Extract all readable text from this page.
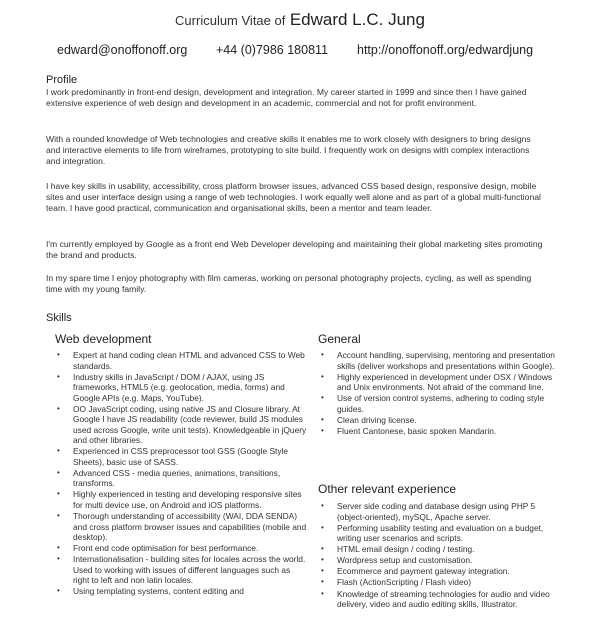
Curriculum Vitae of Edward L.C. Jung
edward@onoffonoff.org +44 (0)7986 180811 http://onoffonoff.org/edwardjung
Profile

I work predominantly in front-end design, development and integration. My career started in 1999 and since then I have gained extensive experience of web design and development in an academic, commercial and not for profit environment.

With a rounded knowledge of Web technologies and creative skills it enables me to work closely with designers to bring designs and interactive elements to life from wireframes, prototyping to site build. I frequently work on designs with complex interactions and integration.

I have key skills in usability, accessibility, cross platform browser issues, advanced CSS based design, responsive design, mobile sites and user interface design using a range of web technologies. I work equally well alone and as part of a global multi-functional team. I have good practical, communication and organisational skills, been a mentor and team leader.

I'm currently employed by Google as a front end Web Developer developing and maintaining their global marketing sites promoting the brand and products.

In my spare time I enjoy photography with film cameras, working on personal photography projects, cycling, as well as spending time with my young family.

Skills
Web development
• Expert at hand coding clean HTML and advanced CSS to Web standards.
• Industry skills in JavaScript / DOM / AJAX, using JS frameworks, HTML5 (e.g. geolocation, media, forms) and Google APIs (e.g. Maps, YouTube).
• OO JavaScript coding, using native JS and Closure library. At Google I have JS readability (code reviewer, build JS modules used across Google, write unit tests). Knowledgeable in jQuery and other libraries.
• Experienced in CSS preprocessor tool GSS (Google Style Sheets), basic use of SASS.
• Advanced CSS - media queries, animations, transitions, transforms.
• Highly experienced in testing and developing responsive sites for multi device use, on Android and iOS platforms.
• Thorough understanding of accessibility (WAI, DDA SENDA) and cross platform browser issues and capabilities (mobile and desktop).
• Front end code optimisation for best performance.
• Internationalisation - building sites for locales across the world. Used to working with issues of different languages such as right to left and non latin locales.
• Using templating systems, content editing and
General
• Account handling, supervising, mentoring and presentation skills (deliver workshops and presentations within Google).
• Highly experienced in development under OSX / Windows and Unix environments. Not afraid of the command line.
• Use of version control systems, adhering to coding style guides.
• Clean driving license.
• Fluent Cantonese, basic spoken Mandarin.
Other relevant experience
• Server side coding and database design using PHP 5 (object-oriented), mySQL, Apache server.
• Performing usability testing and evaluation on a budget, writing user scenarios and scripts.
• HTML email design / coding / testing.
• Wordpress setup and customisation.
• Ecommerce and payment gateway integration.
• Flash (ActionScripting / Flash video)
• Knowledge of streaming technologies for audio and video delivery, video and audio editing skills, Illustrator.
